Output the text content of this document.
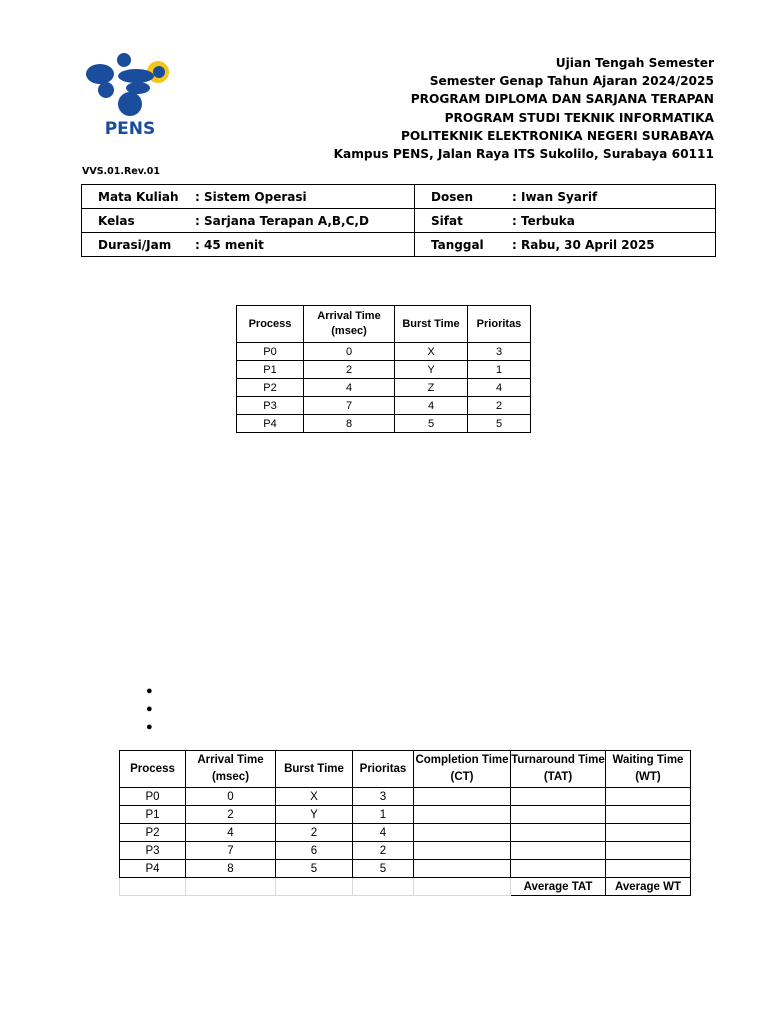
PENS
Ujian Tengah Semester
Semester Genap Tahun Ajaran 2024/2025
PROGRAM DIPLOMA DAN SARJANA TERAPAN
PROGRAM STUDI TEKNIK INFORMATIKA
POLITEKNIK ELEKTRONIKA NEGERI SURABAYA
Kampus PENS, Jalan Raya ITS Sukolilo, Surabaya 60111
VVS.01.Rev.01
Mata Kuliah : Sistem Operasi	Dosen : Iwan Syarif
Kelas : Sarjana Terapan A,B,C,D	Sifat : Terbuka
Durasi/Jam : 45 menit	Tanggal : Rabu, 30 April 2025
Process	Arrival Time (msec)	Burst Time	Prioritas
P0	0	X	3
P1	2	Y	1
P2	4	Z	4
P3	7	4	2
P4	8	5	5
●
●
●
Process	Arrival Time (msec)	Burst Time	Prioritas	Completion Time (CT)	Turnaround Time (TAT)	Waiting Time (WT)
P0	0	X	3			
P1	2	Y	1			
P2	4	2	4			
P3	7	6	2			
P4	8	5	5			
					Average TAT	Average WT
